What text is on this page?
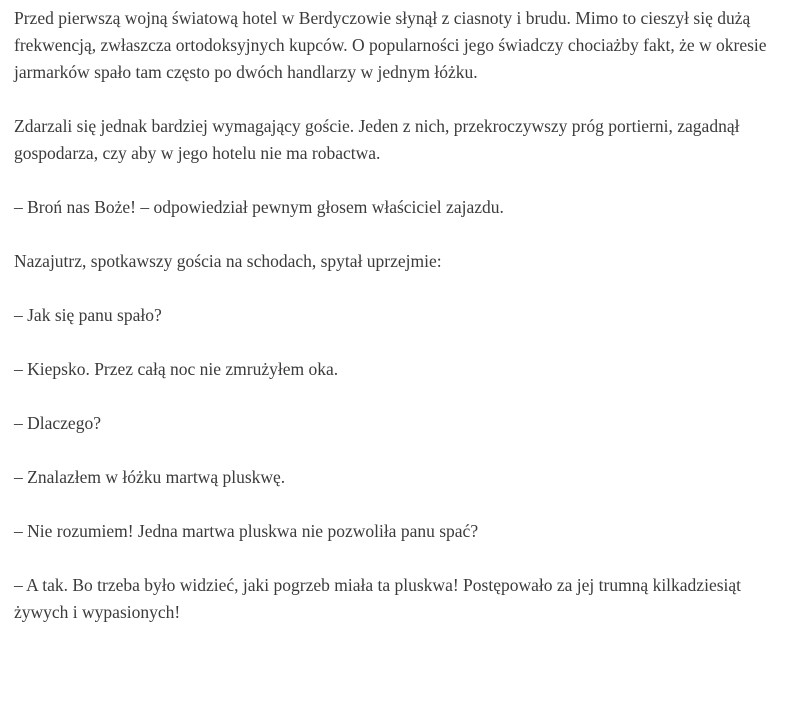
Przed pierwszą wojną światową hotel w Berdyczowie słynął z ciasnoty i brudu. Mimo to cieszył się dużą frekwencją, zwłaszcza ortodoksyjnych kupców. O popularności jego świadczy chociażby fakt, że w okresie jarmarków spało tam często po dwóch handlarzy w jednym łóżku.

Zdarzali się jednak bardziej wymagający goście. Jeden z nich, przekroczywszy próg portierni, zagadnął gospodarza, czy aby w jego hotelu nie ma robactwa.

– Broń nas Boże! – odpowiedział pewnym głosem właściciel zajazdu.

Nazajutrz, spotkawszy gościa na schodach, spytał uprzejmie:

– Jak się panu spało?

– Kiepsko. Przez całą noc nie zmrużyłem oka.

– Dlaczego?

– Znalazłem w łóżku martwą pluskwę.

– Nie rozumiem! Jedna martwa pluskwa nie pozwoliła panu spać?

– A tak. Bo trzeba było widzieć, jaki pogrzeb miała ta pluskwa! Postępowało za jej trumną kilkadziesiąt żywych i wypasionych!
